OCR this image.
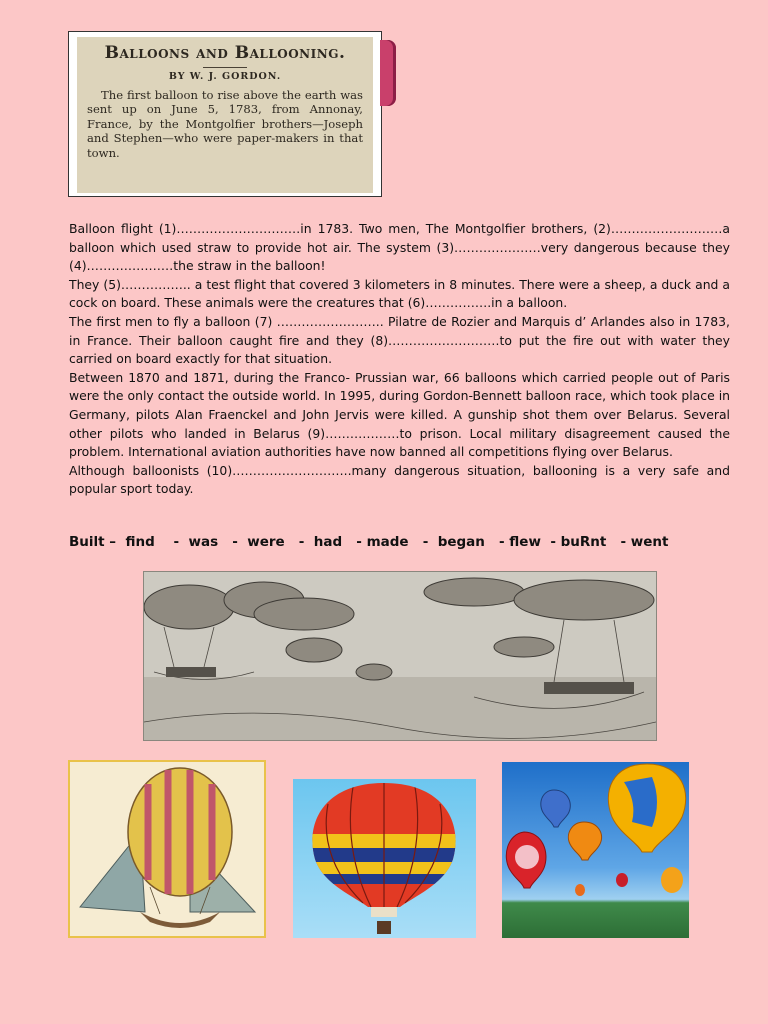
Balloons and Ballooning.

BY W. J. GORDON.

The first balloon to rise above the earth was sent up on June 5, 1783, from Annonay, France, by the Montgolfier brothers—Joseph and Stephen—who were paper-makers in that town.

Balloon flight (1)…………………………in 1783. Two men, The Montgolfier brothers, (2)………………………a balloon which used straw to provide hot air. The system (3)…………………very dangerous because they (4)…………………the straw in the balloon!

They (5)…………….. a test flight that covered 3 kilometers in 8 minutes. There were a sheep, a duck and a cock on board. These animals were the creatures that (6)…………….in a balloon.

The first men to fly a balloon (7) …………………….. Pilatre de Rozier and Marquis d’ Arlandes also in 1783, in France. Their balloon caught fire and they (8)………………………to put the fire out with water they carried on board exactly for that situation.

Between 1870 and 1871, during the Franco- Prussian war, 66 balloons which carried people out of Paris were the only contact the outside world. In 1995, during Gordon-Bennett balloon race, which took place in Germany, pilots Alan Fraenckel and John Jervis were killed. A gunship shot them over Belarus. Several other pilots who landed in Belarus (9)………………to prison. Local military disagreement caused the problem. International aviation authorities have now banned all competitions flying over Belarus.

Although balloonists (10)………………………..many dangerous situation, ballooning is a very safe and popular sport today.

Built –  find    -  was   -  were   -  had   - made   -  began   - flew  - buRnt   - went
